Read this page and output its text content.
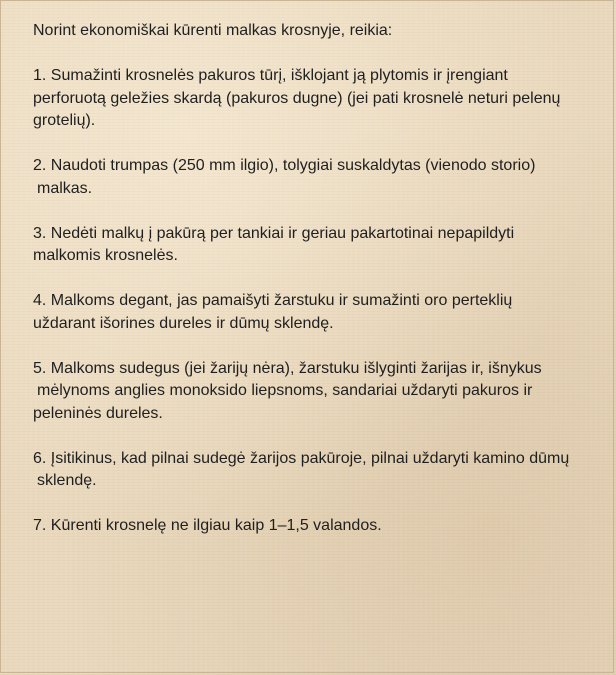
Norint ekonomiškai kūrenti malkas krosnyje, reikia:

1. Sumažinti krosnelės pakuros tūrį, išklojant ją plytomis ir įrengiant
perforuotą geležies skardą (pakuros dugne) (jei pati krosnelė neturi pelenų
grotelių).
2. Naudoti trumpas (250 mm ilgio), tolygiai suskaldytas (vienodo storio)
malkas.
3. Nedėti malkų į pakūrą per tankiai ir geriau pakartotinai nepapildyti
malkomis krosnelės.
4. Malkoms degant, jas pamaišyti žarstuku ir sumažinti oro perteklių
uždarant išorines dureles ir dūmų sklendę.
5. Malkoms sudegus (jei žarijų nėra), žarstuku išlyginti žarijas ir, išnykus
mėlynoms anglies monoksido liepsnoms, sandariai uždaryti pakuros ir
peleninės dureles.
6. Įsitikinus, kad pilnai sudegė žarijos pakūroje, pilnai uždaryti kamino dūmų
sklendę.
7. Kūrenti krosnelę ne ilgiau kaip 1–1,5 valandos.
